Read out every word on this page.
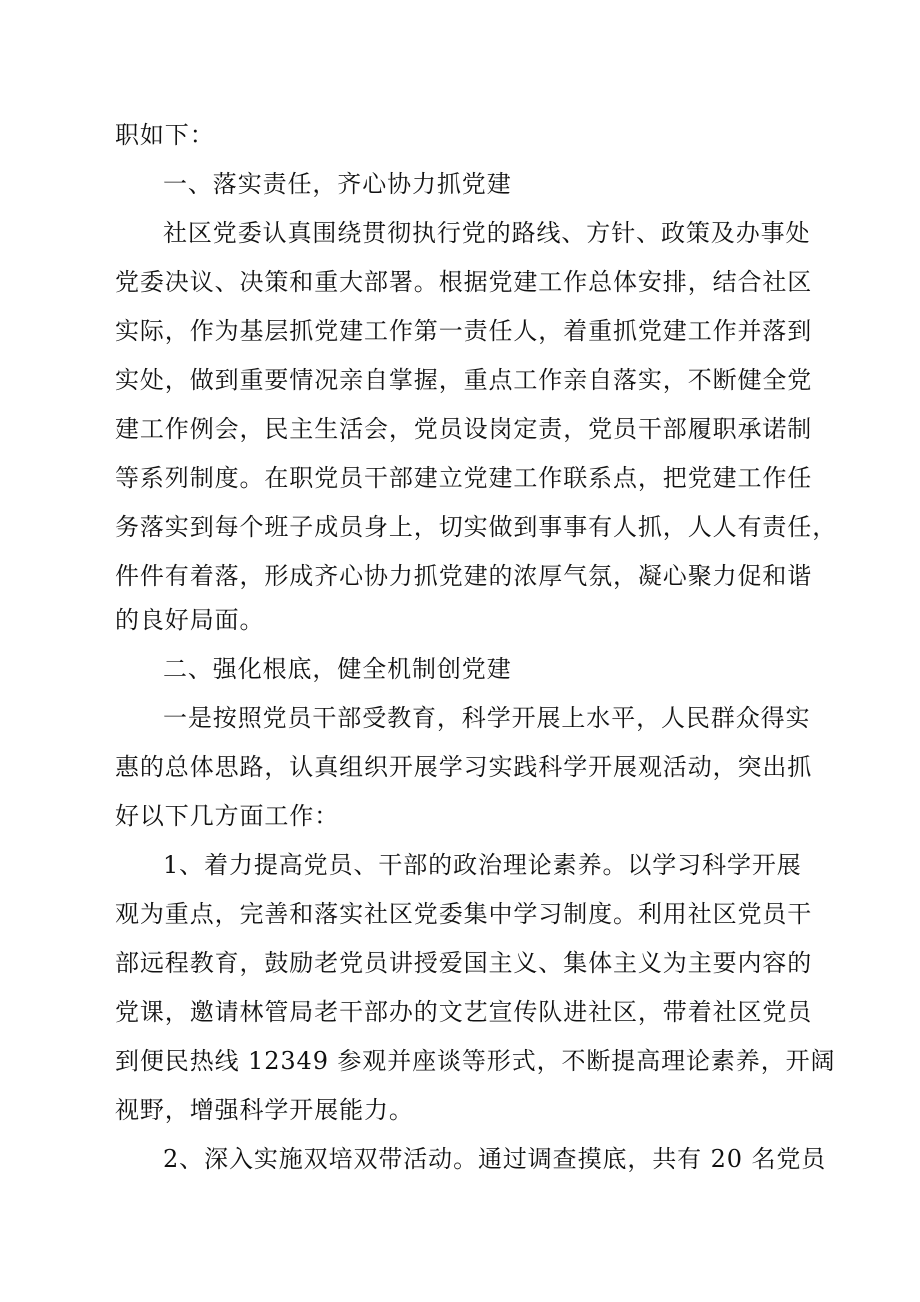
职如下：
一、落实责任，齐心协力抓党建
社区党委认真围绕贯彻执行党的路线、方针、政策及办事处
党委决议、决策和重大部署。根据党建工作总体安排，结合社区
实际，作为基层抓党建工作第一责任人，着重抓党建工作并落到
实处，做到重要情况亲自掌握，重点工作亲自落实，不断健全党
建工作例会，民主生活会，党员设岗定责，党员干部履职承诺制
等系列制度。在职党员干部建立党建工作联系点，把党建工作任
务落实到每个班子成员身上，切实做到事事有人抓，人人有责任，
件件有着落，形成齐心协力抓党建的浓厚气氛，凝心聚力促和谐
的良好局面。
二、强化根底，健全机制创党建
一是按照党员干部受教育，科学开展上水平，人民群众得实
惠的总体思路，认真组织开展学习实践科学开展观活动，突出抓
好以下几方面工作：
1、着力提高党员、干部的政治理论素养。以学习科学开展
观为重点，完善和落实社区党委集中学习制度。利用社区党员干
部远程教育，鼓励老党员讲授爱国主义、集体主义为主要内容的
党课，邀请林管局老干部办的文艺宣传队进社区，带着社区党员
到便民热线 12349 参观并座谈等形式，不断提高理论素养，开阔
视野，增强科学开展能力。
2、深入实施双培双带活动。通过调查摸底，共有 20 名党员
